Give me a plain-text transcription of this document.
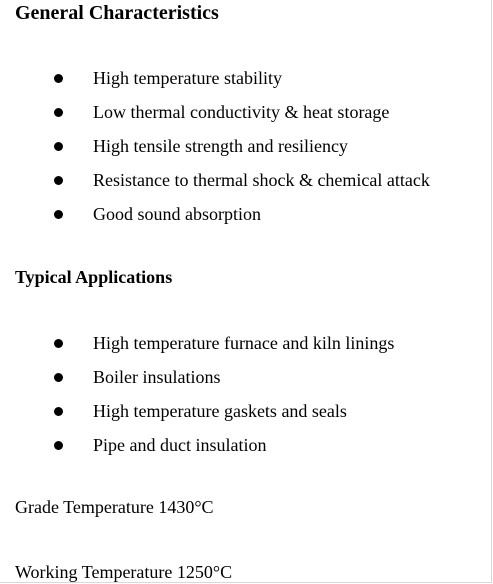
General Characteristics
High temperature stability
Low thermal conductivity & heat storage
High tensile strength and resiliency
Resistance to thermal shock & chemical attack
Good sound absorption
Typical Applications
High temperature furnace and kiln linings
Boiler insulations
High temperature gaskets and seals
Pipe and duct insulation
Grade Temperature 1430°C
Working Temperature 1250°C
